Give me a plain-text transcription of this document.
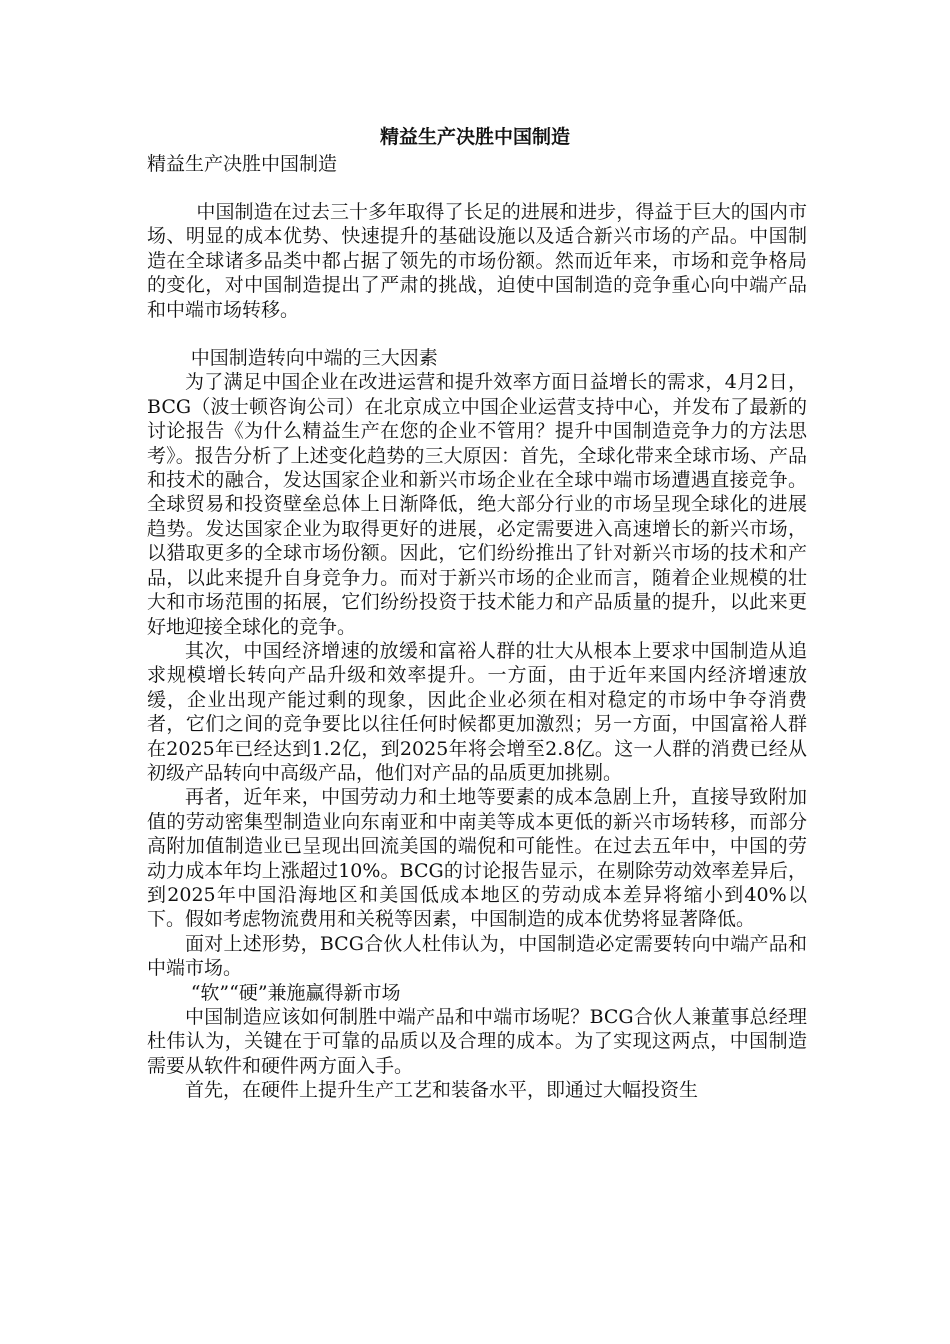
精益生产决胜中国制造
精益生产决胜中国制造

中国制造在过去三十多年取得了长足的进展和进步，得益于巨大的国内市场、明显的成本优势、快速提升的基础设施以及适合新兴市场的产品。中国制造在全球诸多品类中都占据了领先的市场份额。然而近年来，市场和竞争格局的变化，对中国制造提出了严肃的挑战，迫使中国制造的竞争重心向中端产品和中端市场转移。

中国制造转向中端的三大因素

为了满足中国企业在改进运营和提升效率方面日益增长的需求，4月2日，BCG（波士顿咨询公司）在北京成立中国企业运营支持中心，并发布了最新的讨论报告《为什么精益生产在您的企业不管用？提升中国制造竞争力的方法思考》。报告分析了上述变化趋势的三大原因：首先，全球化带来全球市场、产品和技术的融合，发达国家企业和新兴市场企业在全球中端市场遭遇直接竞争。全球贸易和投资壁垒总体上日渐降低，绝大部分行业的市场呈现全球化的进展趋势。发达国家企业为取得更好的进展，必定需要进入高速增长的新兴市场，以猎取更多的全球市场份额。因此，它们纷纷推出了针对新兴市场的技术和产品，以此来提升自身竞争力。而对于新兴市场的企业而言，随着企业规模的壮大和市场范围的拓展，它们纷纷投资于技术能力和产品质量的提升，以此来更好地迎接全球化的竞争。

其次，中国经济增速的放缓和富裕人群的壮大从根本上要求中国制造从追求规模增长转向产品升级和效率提升。一方面，由于近年来国内经济增速放缓，企业出现产能过剩的现象，因此企业必须在相对稳定的市场中争夺消费者，它们之间的竞争要比以往任何时候都更加激烈；另一方面，中国富裕人群在2025年已经达到1.2亿，到2025年将会增至2.8亿。这一人群的消费已经从初级产品转向中高级产品，他们对产品的品质更加挑剔。

再者，近年来，中国劳动力和土地等要素的成本急剧上升，直接导致附加值的劳动密集型制造业向东南亚和中南美等成本更低的新兴市场转移，而部分高附加值制造业已呈现出回流美国的端倪和可能性。在过去五年中，中国的劳动力成本年均上涨超过10%。BCG的讨论报告显示，在剔除劳动效率差异后，到2025年中国沿海地区和美国低成本地区的劳动成本差异将缩小到40%以下。假如考虑物流费用和关税等因素，中国制造的成本优势将显著降低。

面对上述形势，BCG合伙人杜伟认为，中国制造必定需要转向中端产品和中端市场。

“软”“硬”兼施赢得新市场

中国制造应该如何制胜中端产品和中端市场呢？BCG合伙人兼董事总经理杜伟认为，关键在于可靠的品质以及合理的成本。为了实现这两点，中国制造需要从软件和硬件两方面入手。

首先，在硬件上提升生产工艺和装备水平，即通过大幅投资生
